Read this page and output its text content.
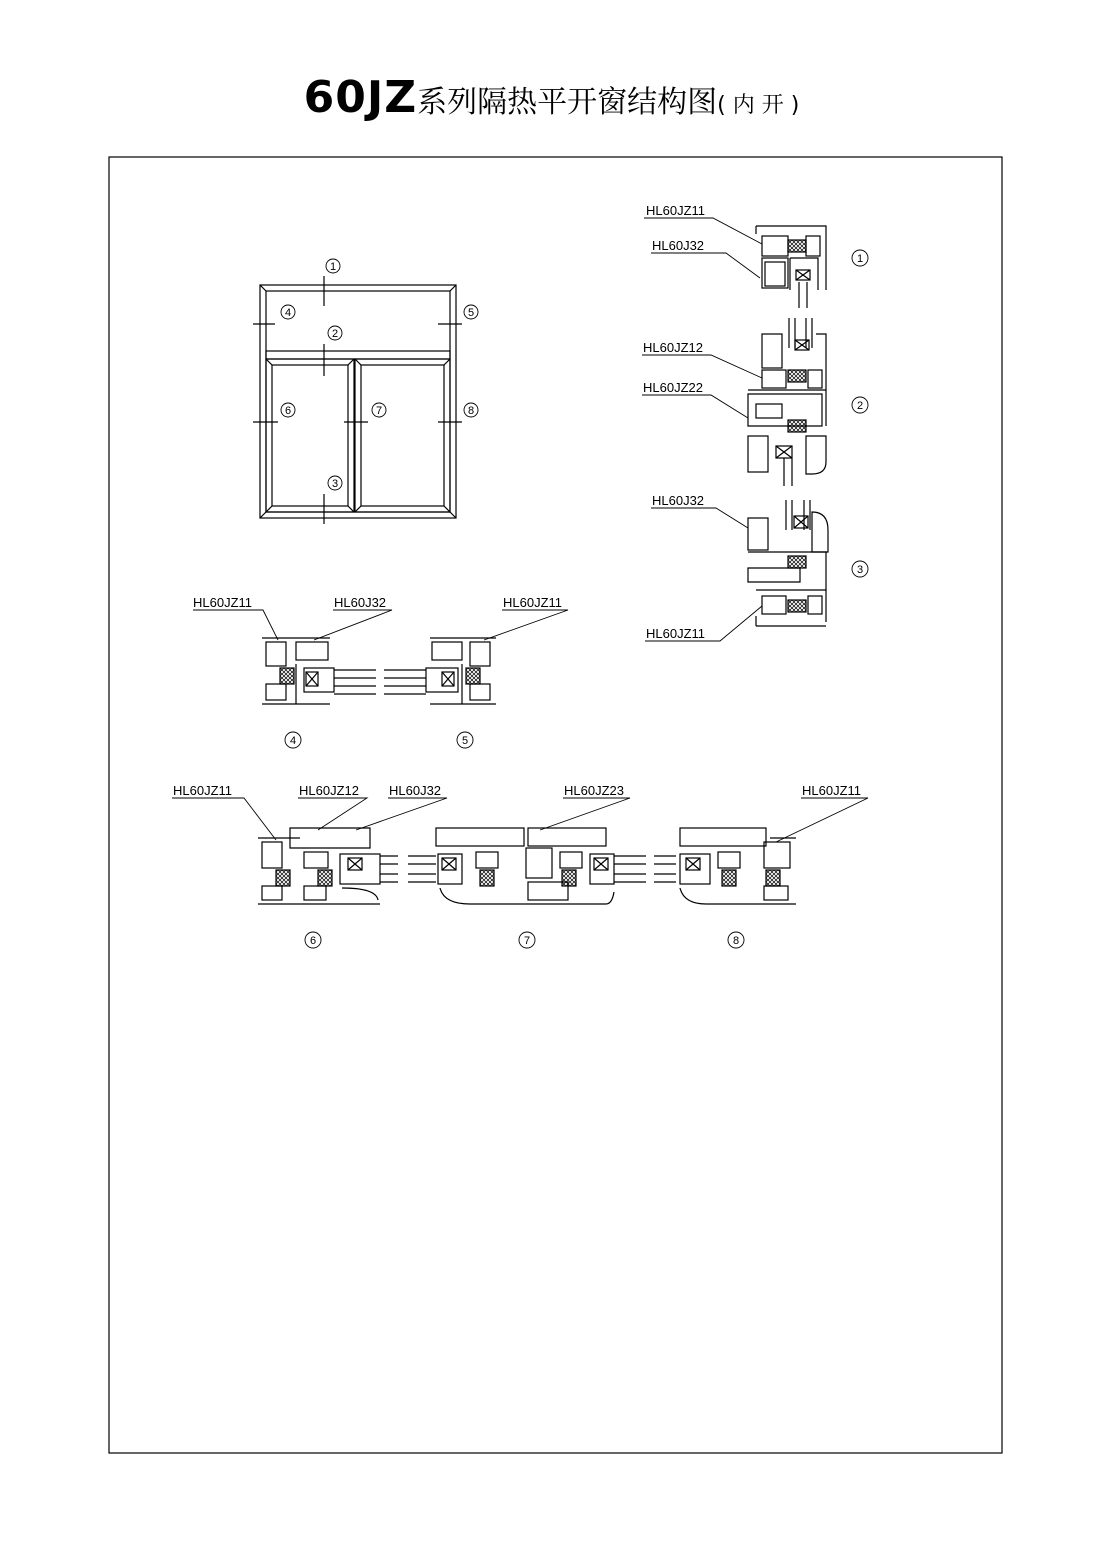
60JZ系列隔热平开窗结构图( 内 开 )
1
2
3
4	5
6	7	8
HL60JZ11
HL60J32
1
HL60JZ12
HL60JZ22
2
HL60J32
HL60JZ11
3
HL60JZ11	HL60J32
4
HL60JZ11
5
HL60JZ11	HL60JZ12 HL60J32
6
HL60JZ23
7
HL60JZ11
8
